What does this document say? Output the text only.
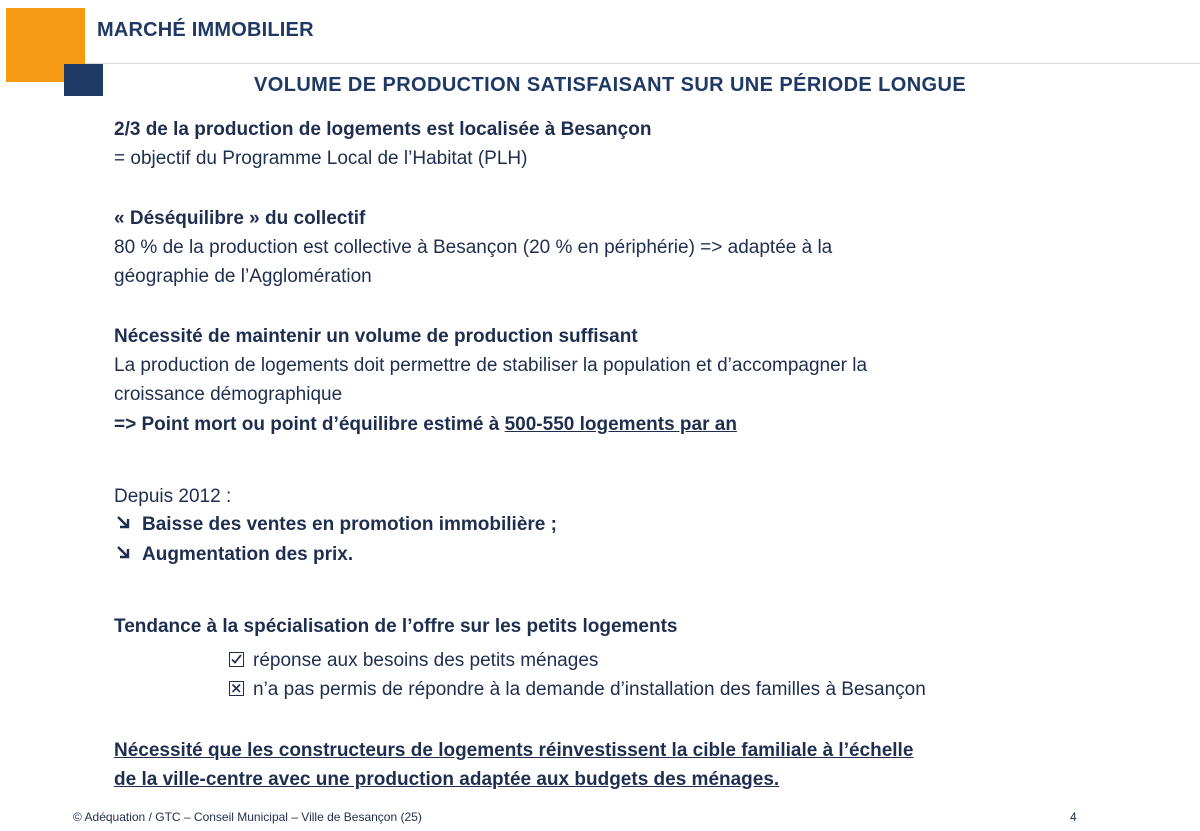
MARCHÉ IMMOBILIER
VOLUME DE PRODUCTION SATISFAISANT SUR UNE PÉRIODE LONGUE
2/3 de la production de logements est localisée à Besançon
= objectif du Programme Local de l’Habitat (PLH)
« Déséquilibre » du collectif
80 % de la production est collective à Besançon (20 % en périphérie) => adaptée à la
géographie de l’Agglomération
Nécessité de maintenir un volume de production suffisant
La production de logements doit permettre de stabiliser la population et d’accompagner la
croissance démographique
=> Point mort ou point d’équilibre estimé à 500-550 logements par an
Depuis 2012 :
Baisse des ventes en promotion immobilière ;
Augmentation des prix.
Tendance à la spécialisation de l’offre sur les petits logements
réponse aux besoins des petits ménages
n’a pas permis de répondre à la demande d’installation des familles à Besançon
Nécessité que les constructeurs de logements réinvestissent la cible familiale à l’échelle
de la ville-centre avec une production adaptée aux budgets des ménages.
© Adéquation / GTC – Conseil Municipal – Ville de Besançon (25)	4
